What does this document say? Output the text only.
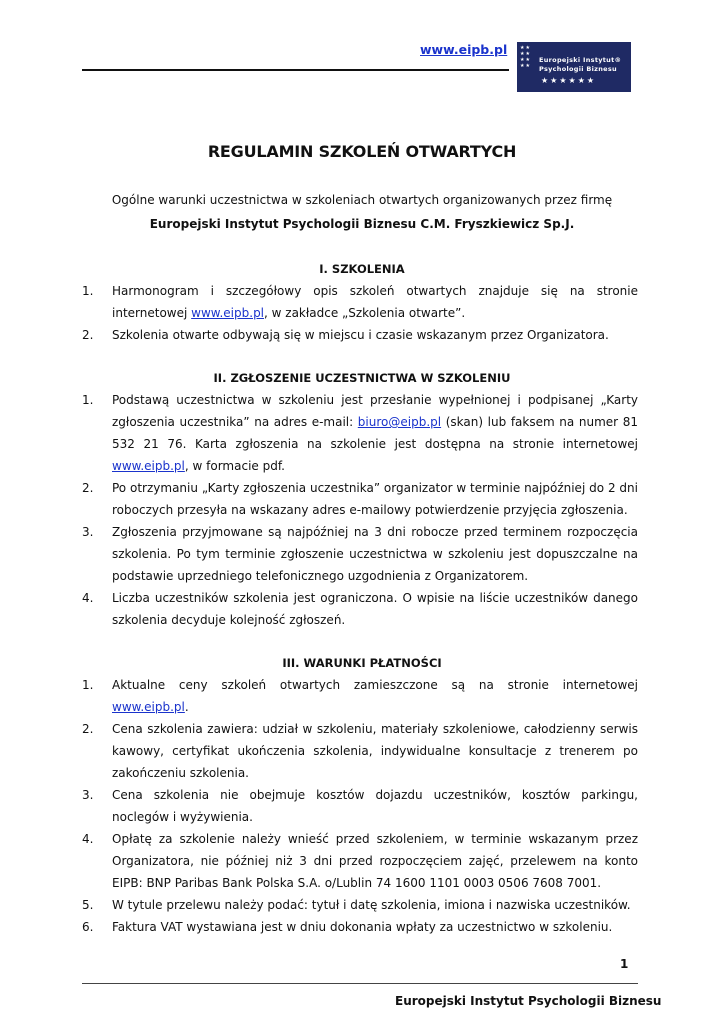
www.eipb.pl	★★
★★
★★
★★
Europejski Instytut®
Psychologii Biznesu
★★★★★★
REGULAMIN SZKOLEŃ OTWARTYCH
Ogólne warunki uczestnictwa w szkoleniach otwartych organizowanych przez firmę
Europejski Instytut Psychologii Biznesu C.M. Fryszkiewicz Sp.J.
I. SZKOLENIA
1. Harmonogram i szczegółowy opis szkoleń otwartych znajduje się na stronie internetowej www.eipb.pl, w zakładce „Szkolenia otwarte”.
2. Szkolenia otwarte odbywają się w miejscu i czasie wskazanym przez Organizatora.
II. ZGŁOSZENIE UCZESTNICTWA W SZKOLENIU
1. Podstawą uczestnictwa w szkoleniu jest przesłanie wypełnionej i podpisanej „Karty zgłoszenia uczestnika” na adres e-mail: biuro@eipb.pl (skan) lub faksem na numer 81 532 21 76. Karta zgłoszenia na szkolenie jest dostępna na stronie internetowej www.eipb.pl, w formacie pdf.
2. Po otrzymaniu „Karty zgłoszenia uczestnika” organizator w terminie najpóźniej do 2 dni roboczych przesyła na wskazany adres e-mailowy potwierdzenie przyjęcia zgłoszenia.
3. Zgłoszenia przyjmowane są najpóźniej na 3 dni robocze przed terminem rozpoczęcia szkolenia. Po tym terminie zgłoszenie uczestnictwa w szkoleniu jest dopuszczalne na podstawie uprzedniego telefonicznego uzgodnienia z Organizatorem.
4. Liczba uczestników szkolenia jest ograniczona. O wpisie na liście uczestników danego szkolenia decyduje kolejność zgłoszeń.
III. WARUNKI PŁATNOŚCI
1. Aktualne ceny szkoleń otwartych zamieszczone są na stronie internetowej www.eipb.pl.
2. Cena szkolenia zawiera: udział w szkoleniu, materiały szkoleniowe, całodzienny serwis kawowy, certyfikat ukończenia szkolenia, indywidualne konsultacje z trenerem po zakończeniu szkolenia.
3. Cena szkolenia nie obejmuje kosztów dojazdu uczestników, kosztów parkingu, noclegów i wyżywienia.
4. Opłatę za szkolenie należy wnieść przed szkoleniem, w terminie wskazanym przez Organizatora, nie później niż 3 dni przed rozpoczęciem zajęć, przelewem na konto EIPB: BNP Paribas Bank Polska S.A. o/Lublin 74 1600 1101 0003 0506 7608 7001.
5. W tytule przelewu należy podać: tytuł i datę szkolenia, imiona i nazwiska uczestników.
6. Faktura VAT wystawiana jest w dniu dokonania wpłaty za uczestnictwo w szkoleniu.
1
Europejski Instytut Psychologii Biznesu
